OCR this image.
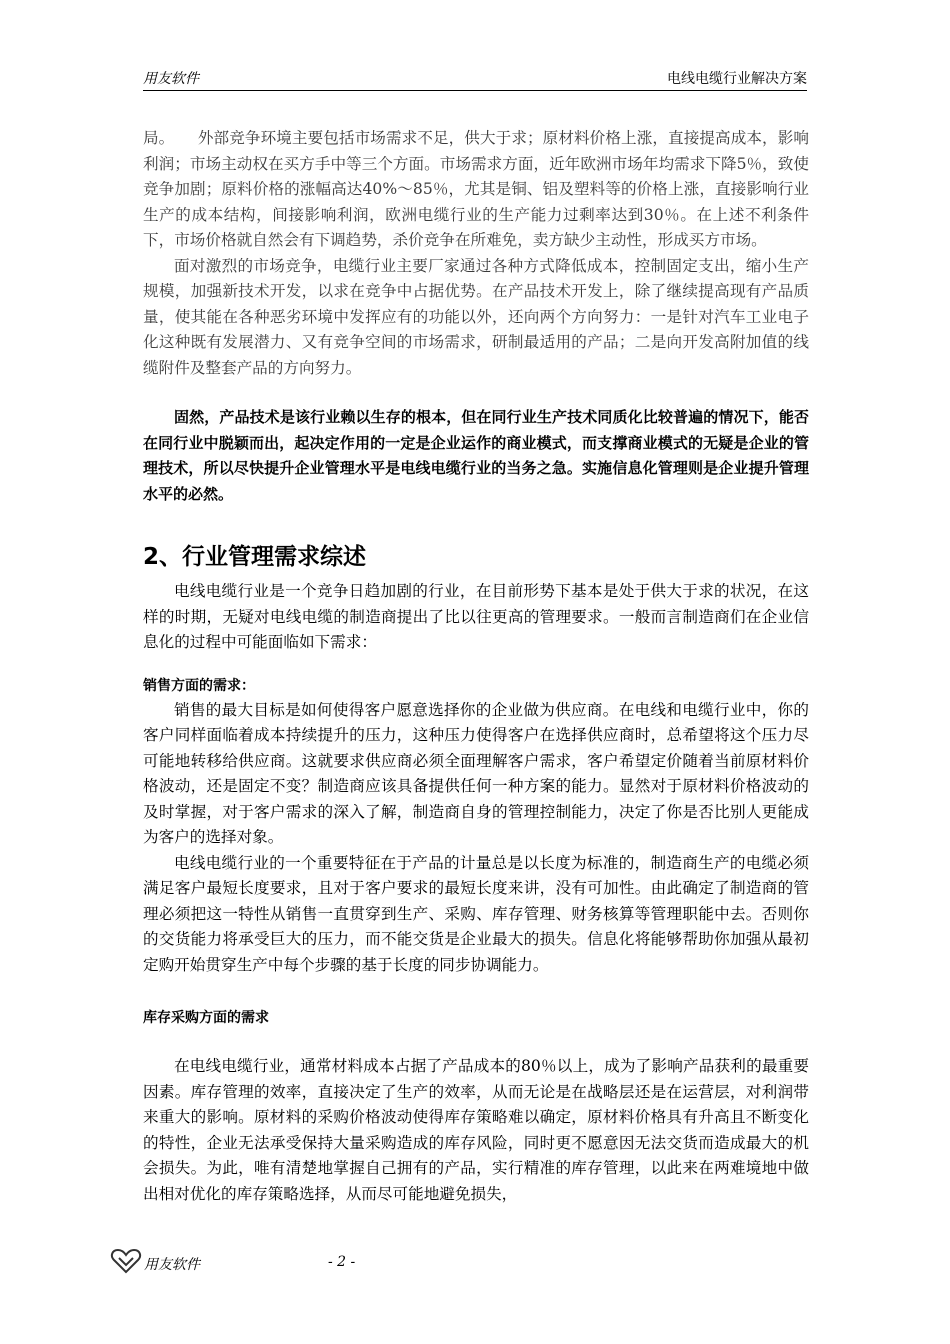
用友软件	电线电缆行业解决方案

局。　　外部竞争环境主要包括市场需求不足，供大于求；原材料价格上涨，直接提高成本，影响利润；市场主动权在买方手中等三个方面。市场需求方面，近年欧洲市场年均需求下降5％，致使竞争加剧；原料价格的涨幅高达40%～85％，尤其是铜、铝及塑料等的价格上涨，直接影响行业生产的成本结构，间接影响利润，欧洲电缆行业的生产能力过剩率达到30％。在上述不利条件下，市场价格就自然会有下调趋势，杀价竞争在所难免，卖方缺少主动性，形成买方市场。

面对激烈的市场竞争，电缆行业主要厂家通过各种方式降低成本，控制固定支出，缩小生产规模，加强新技术开发，以求在竞争中占据优势。在产品技术开发上，除了继续提高现有产品质量，使其能在各种恶劣环境中发挥应有的功能以外，还向两个方向努力：一是针对汽车工业电子化这种既有发展潜力、又有竞争空间的市场需求，研制最适用的产品；二是向开发高附加值的线缆附件及整套产品的方向努力。

固然，产品技术是该行业赖以生存的根本，但在同行业生产技术同质化比较普遍的情况下，能否在同行业中脱颖而出，起决定作用的一定是企业运作的商业模式，而支撑商业模式的无疑是企业的管理技术，所以尽快提升企业管理水平是电线电缆行业的当务之急。实施信息化管理则是企业提升管理水平的必然。

2、行业管理需求综述

电线电缆行业是一个竞争日趋加剧的行业，在目前形势下基本是处于供大于求的状况，在这样的时期，无疑对电线电缆的制造商提出了比以往更高的管理要求。一般而言制造商们在企业信息化的过程中可能面临如下需求：

销售方面的需求：

销售的最大目标是如何使得客户愿意选择你的企业做为供应商。在电线和电缆行业中，你的客户同样面临着成本持续提升的压力，这种压力使得客户在选择供应商时，总希望将这个压力尽可能地转移给供应商。这就要求供应商必须全面理解客户需求，客户希望定价随着当前原材料价格波动，还是固定不变？制造商应该具备提供任何一种方案的能力。显然对于原材料价格波动的及时掌握，对于客户需求的深入了解，制造商自身的管理控制能力，决定了你是否比别人更能成为客户的选择对象。

电线电缆行业的一个重要特征在于产品的计量总是以长度为标准的，制造商生产的电缆必须满足客户最短长度要求，且对于客户要求的最短长度来讲，没有可加性。由此确定了制造商的管理必须把这一特性从销售一直贯穿到生产、采购、库存管理、财务核算等管理职能中去。否则你的交货能力将承受巨大的压力，而不能交货是企业最大的损失。信息化将能够帮助你加强从最初定购开始贯穿生产中每个步骤的基于长度的同步协调能力。

库存采购方面的需求

在电线电缆行业，通常材料成本占据了产品成本的80％以上，成为了影响产品获利的最重要因素。库存管理的效率，直接决定了生产的效率，从而无论是在战略层还是在运营层，对利润带来重大的影响。原材料的采购价格波动使得库存策略难以确定，原材料价格具有升高且不断变化的特性，企业无法承受保持大量采购造成的库存风险，同时更不愿意因无法交货而造成最大的机会损失。为此，唯有清楚地掌握自己拥有的产品，实行精准的库存管理，以此来在两难境地中做出相对优化的库存策略选择，从而尽可能地避免损失，

用友软件	- 2 -
